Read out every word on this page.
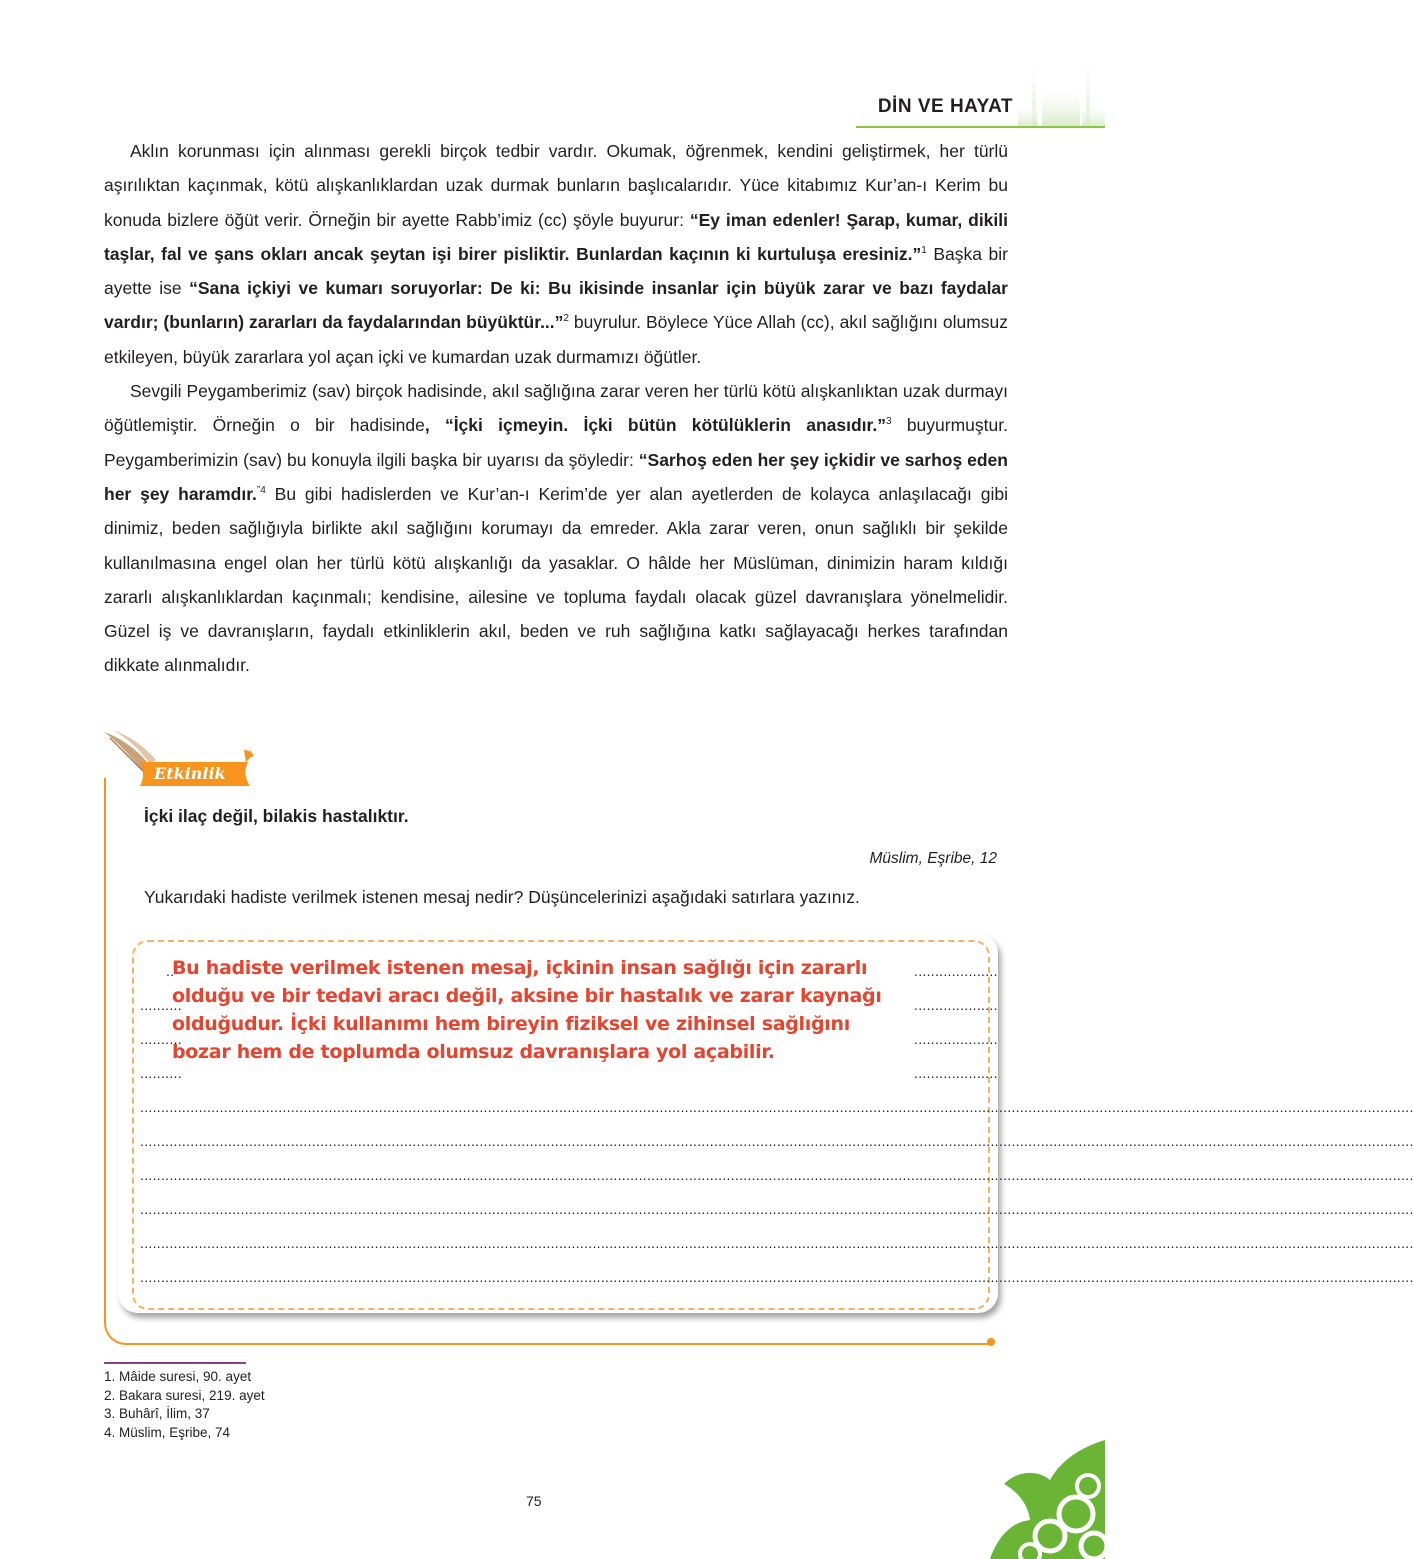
DİN VE HAYAT

Aklın korunması için alınması gerekli birçok tedbir vardır. Okumak, öğrenmek, kendini geliştirmek, her türlü aşırılıktan kaçınmak, kötü alışkanlıklardan uzak durmak bunların başlıcalarıdır. Yüce kitabımız Kur’an-ı Kerim bu konuda bizlere öğüt verir. Örneğin bir ayette Rabb’imiz (cc) şöyle buyurur: “Ey iman edenler! Şarap, kumar, dikili taşlar, fal ve şans okları ancak şeytan işi birer pisliktir. Bunlardan kaçının ki kurtuluşa eresiniz.”$^1$ Başka bir ayette ise “Sana içkiyi ve kumarı soruyorlar: De ki: Bu ikisinde insanlar için büyük zarar ve bazı faydalar vardır; (bunların) zararları da faydalarından büyüktür...”$^2$ buyrulur. Böylece Yüce Allah (cc), akıl sağlığını olumsuz etkileyen, büyük zararlara yol açan içki ve kumardan uzak durmamızı öğütler.

Sevgili Peygamberimiz (sav) birçok hadisinde, akıl sağlığına zarar veren her türlü kötü alışkanlıktan uzak durmayı öğütlemiştir. Örneğin o bir hadisinde, “İçki içmeyin. İçki bütün kötülüklerin anasıdır.”$^3$ buyurmuştur. Peygamberimizin (sav) bu konuyla ilgili başka bir uyarısı da şöyledir: “Sarhoş eden her şey içkidir ve sarhoş eden her şey haramdır.$^{”4}$ Bu gibi hadislerden ve Kur’an-ı Kerim’de yer alan ayetlerden de kolayca anlaşılacağı gibi dinimiz, beden sağlığıyla birlikte akıl sağlığını korumayı da emreder. Akla zarar veren, onun sağlıklı bir şekilde kullanılmasına engel olan her türlü kötü alışkanlığı da yasaklar. O hâlde her Müslüman, dinimizin haram kıldığı zararlı alışkanlıklardan kaçınmalı; kendisine, ailesine ve topluma faydalı olacak güzel davranışlara yönelmelidir. Güzel iş ve davranışların, faydalı etkinliklerin akıl, beden ve ruh sağlığına katkı sağlayacağı herkes tarafından dikkate alınmalıdır.

Etkinlik
İçki ilaç değil, bilakis hastalıktır.
Müslim, Eşribe, 12
Yukarıdaki hadiste verilmek istenen mesaj nedir? Düşüncelerinizi aşağıdaki satırlara yazınız.
..	....................
..........	....................
..........	....................
..........	....................
................................................................................................................................................................................................................................................................................................................
................................................................................................................................................................................................................................................................................................................
................................................................................................................................................................................................................................................................................................................
................................................................................................................................................................................................................................................................................................................
................................................................................................................................................................................................................................................................................................................
................................................................................................................................................................................................................................................................................................................

Bu hadiste verilmek istenen mesaj, içkinin insan sağlığı için zararlı
olduğu ve bir tedavi aracı değil, aksine bir hastalık ve zarar kaynağı
olduğudur. İçki kullanımı hem bireyin fiziksel ve zihinsel sağlığını
bozar hem de toplumda olumsuz davranışlara yol açabilir.

1. Mâide suresi, 90. ayet
2. Bakara suresi, 219. ayet
3. Buhârî, İlim, 37
4. Müslim, Eşribe, 74
75
